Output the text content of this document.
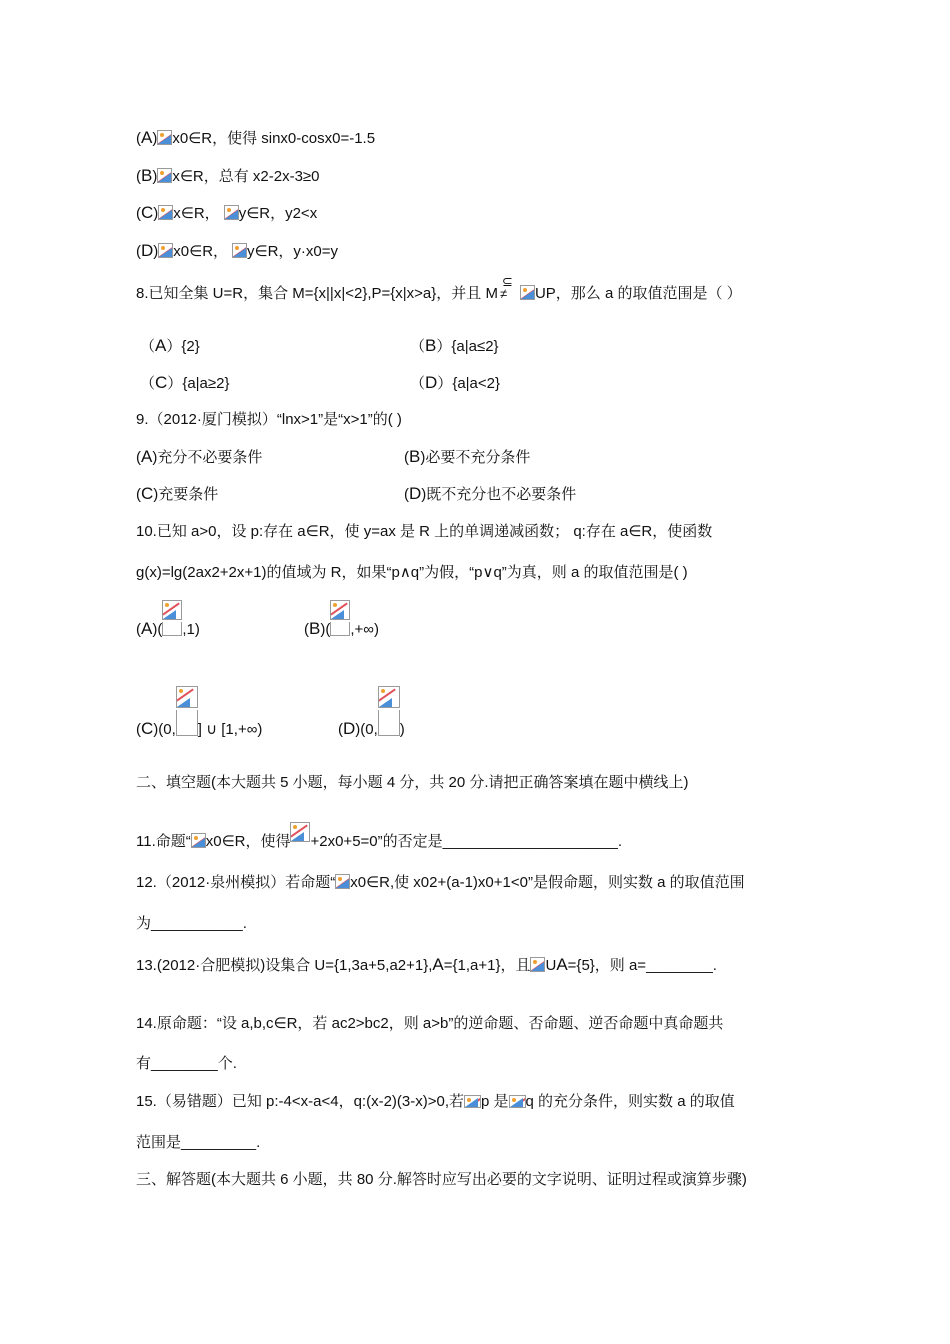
(A) x0∈R，使得 sinx0-cosx0=-1.5
(B) x∈R，总有 x2-2x-3≥0
(C) x∈R， y∈R，y2<x
(D) x0∈R， y∈R，y·x0=y
8.已知全集 U=R，集合 M={x||x|<2},P={x|x>a}，并且 M
⊆
≠ UP，那么 a 的取值范围是（ ）
（A）{2}	（B）{a|a≤2}
（C）{a|a≥2}	（D）{a|a<2}
9.（2012·厦门模拟）“lnx>1”是“x>1”的( )
(A)充分不必要条件	(B)必要不充分条件
(C)充要条件	(D)既不充分也不必要条件
10.已知 a>0，设 p:存在 a∈R，使 y=ax 是 R 上的单调递减函数； q:存在 a∈R，使函数
g(x)=lg(2ax2+2x+1)的值域为 R，如果“p∧q”为假，“p∨q”为真，则 a 的取值范围是( )
(A)( ,1)	(B)( ,+∞)
(C)(0, ] ∪ [1,+∞)	(D)(0, )
二、填空题(本大题共 5 小题，每小题 4 分，共 20 分.请把正确答案填在题中横线上)
11.命题“ x0∈R，使得 +2x0+5=0”的否定是_____________________.
12.（2012·泉州模拟）若命题“ x0∈R,使 x02+(a-1)x0+1<0”是假命题，则实数 a 的取值范围
为___________.
13.(2012·合肥模拟)设集合 U={1,3a+5,a2+1},A={1,a+1}，且 UA={5}，则 a=________.
14.原命题：“设 a,b,c∈R，若 ac2>bc2，则 a>b”的逆命题、否命题、逆否命题中真命题共
有________个.
15.（易错题）已知 p:-4<x-a<4，q:(x-2)(3-x)>0,若 p 是 q 的充分条件，则实数 a 的取值
范围是_________.
三、解答题(本大题共 6 小题，共 80 分.解答时应写出必要的文字说明、证明过程或演算步骤)
